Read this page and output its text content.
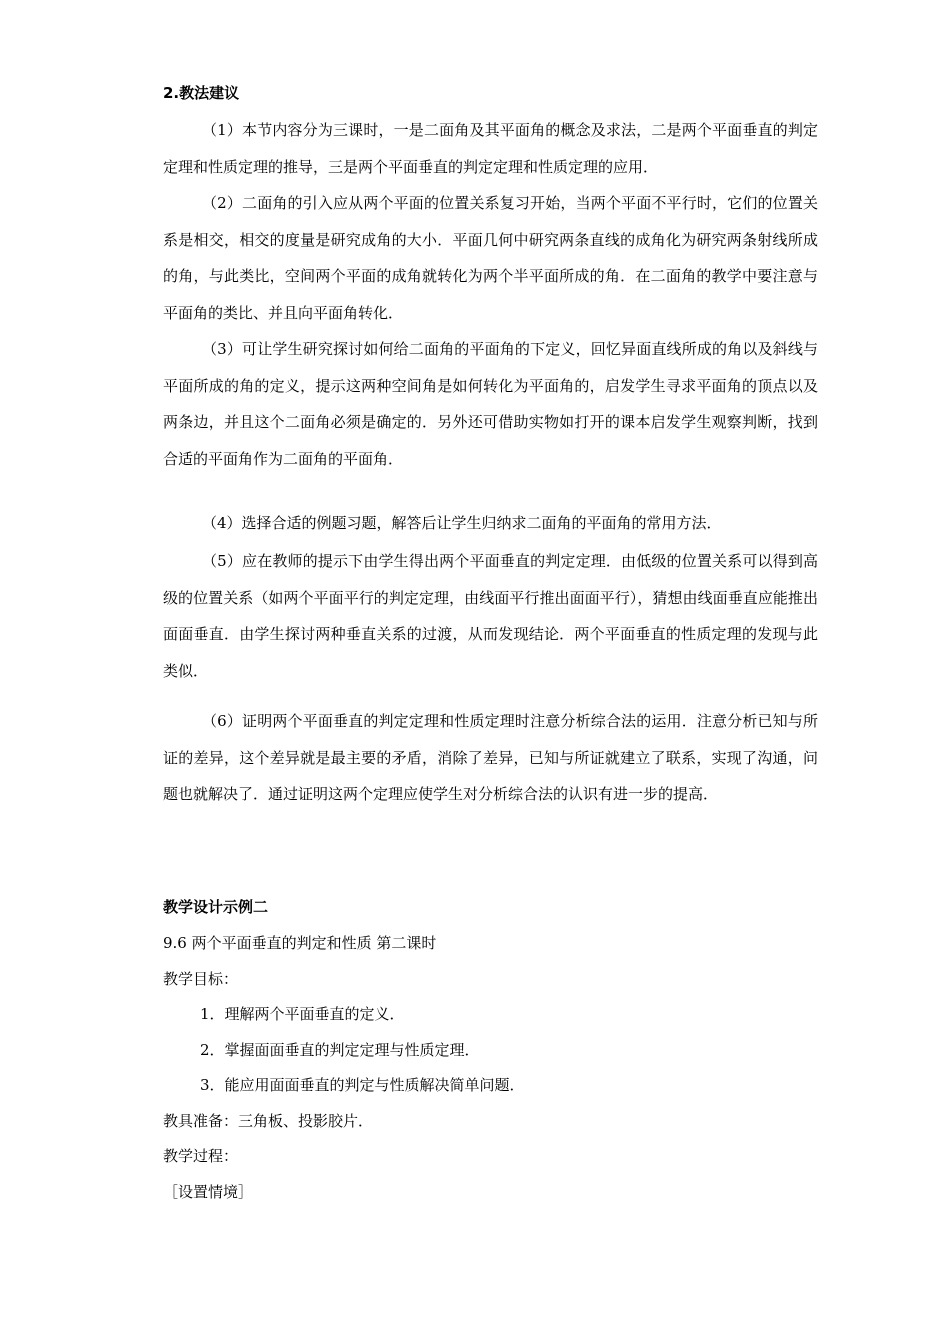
2.教法建议
（1）本节内容分为三课时，一是二面角及其平面角的概念及求法，二是两个平面垂直的判定定理和性质定理的推导，三是两个平面垂直的判定定理和性质定理的应用．
（2）二面角的引入应从两个平面的位置关系复习开始，当两个平面不平行时，它们的位置关系是相交，相交的度量是研究成角的大小．平面几何中研究两条直线的成角化为研究两条射线所成的角，与此类比，空间两个平面的成角就转化为两个半平面所成的角．在二面角的教学中要注意与平面角的类比、并且向平面角转化．
（3）可让学生研究探讨如何给二面角的平面角的下定义，回忆异面直线所成的角以及斜线与平面所成的角的定义，提示这两种空间角是如何转化为平面角的，启发学生寻求平面角的顶点以及两条边，并且这个二面角必须是确定的．另外还可借助实物如打开的课本启发学生观察判断，找到合适的平面角作为二面角的平面角．
（4）选择合适的例题习题，解答后让学生归纳求二面角的平面角的常用方法．
（5）应在教师的提示下由学生得出两个平面垂直的判定定理．由低级的位置关系可以得到高级的位置关系（如两个平面平行的判定定理，由线面平行推出面面平行），猜想由线面垂直应能推出面面垂直．由学生探讨两种垂直关系的过渡，从而发现结论．两个平面垂直的性质定理的发现与此类似．
（6）证明两个平面垂直的判定定理和性质定理时注意分析综合法的运用．注意分析已知与所证的差异，这个差异就是最主要的矛盾，消除了差异，已知与所证就建立了联系，实现了沟通，问题也就解决了．通过证明这两个定理应使学生对分析综合法的认识有进一步的提高．
教学设计示例二
9.6 两个平面垂直的判定和性质 第二课时
教学目标：
1．理解两个平面垂直的定义．
2．掌握面面垂直的判定定理与性质定理．
3．能应用面面垂直的判定与性质解决简单问题．
教具准备：三角板、投影胶片．
教学过程：
［设置情境］
